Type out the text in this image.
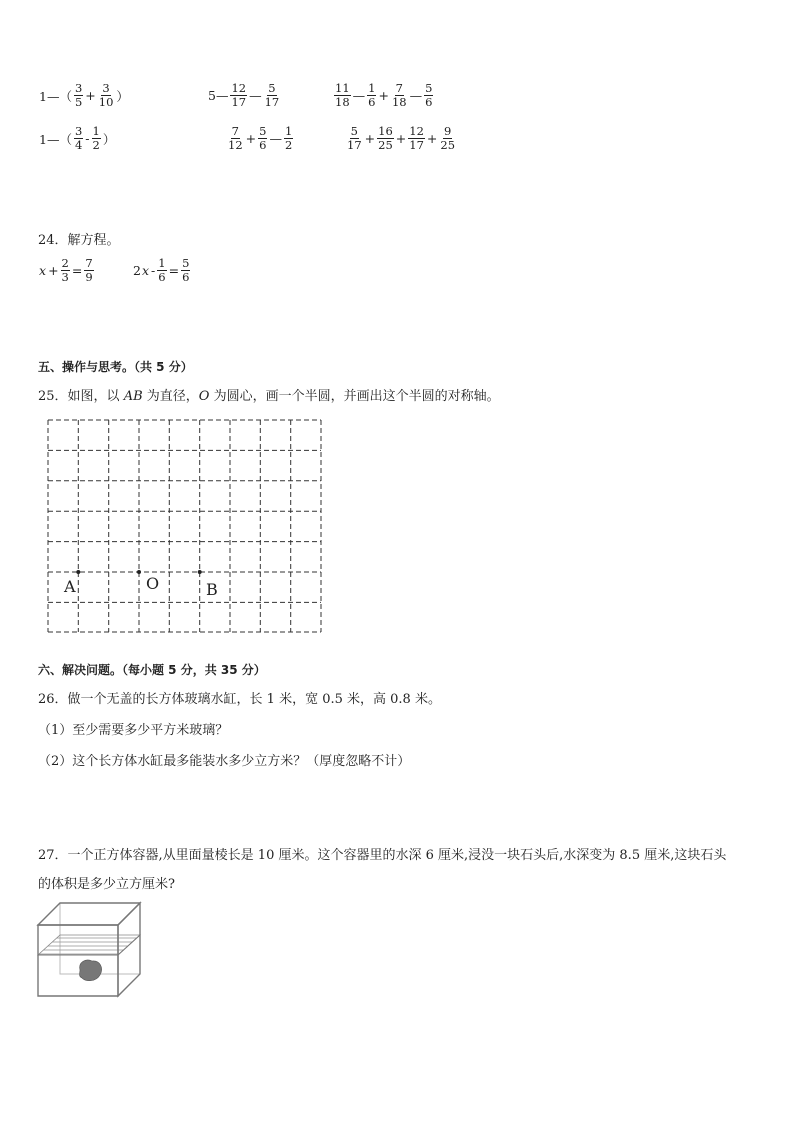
1—（ $\frac{3}{5} + \frac{3}{10}$ ）	5— $\frac{12}{17}$ — $\frac{5}{17}$	$\frac{11}{18}$ — $\frac{1}{6} + \frac{7}{18}$ — $\frac{5}{6}$
1—（ $\frac{3}{4} - \frac{1}{2}$ ）	$\frac{7}{12} + \frac{5}{6}$ — $\frac{1}{2}$	$\frac{5}{17} + \frac{16}{25} + \frac{12}{17} + \frac{9}{25}$
24．解方程。
$x + \frac{2}{3} = \frac{7}{9}$	2 $x - \frac{1}{6} = \frac{5}{6}$
五、操作与思考。（共 5 分）
25．如图，以 AB 为直径，O 为圆心，画一个半圆，并画出这个半圆的对称轴。
A	O	B
六、解决问题。（每小题 5 分，共 35 分）
26．做一个无盖的长方体玻璃水缸，长 1 米，宽 0.5 米，高 0.8 米。
（1）至少需要多少平方米玻璃？
（2）这个长方体水缸最多能装水多少立方米？（厚度忽略不计）
27．一个正方体容器,从里面量棱长是 10 厘米。这个容器里的水深 6 厘米,浸没一块石头后,水深变为 8.5 厘米,这块石头
的体积是多少立方厘米?
